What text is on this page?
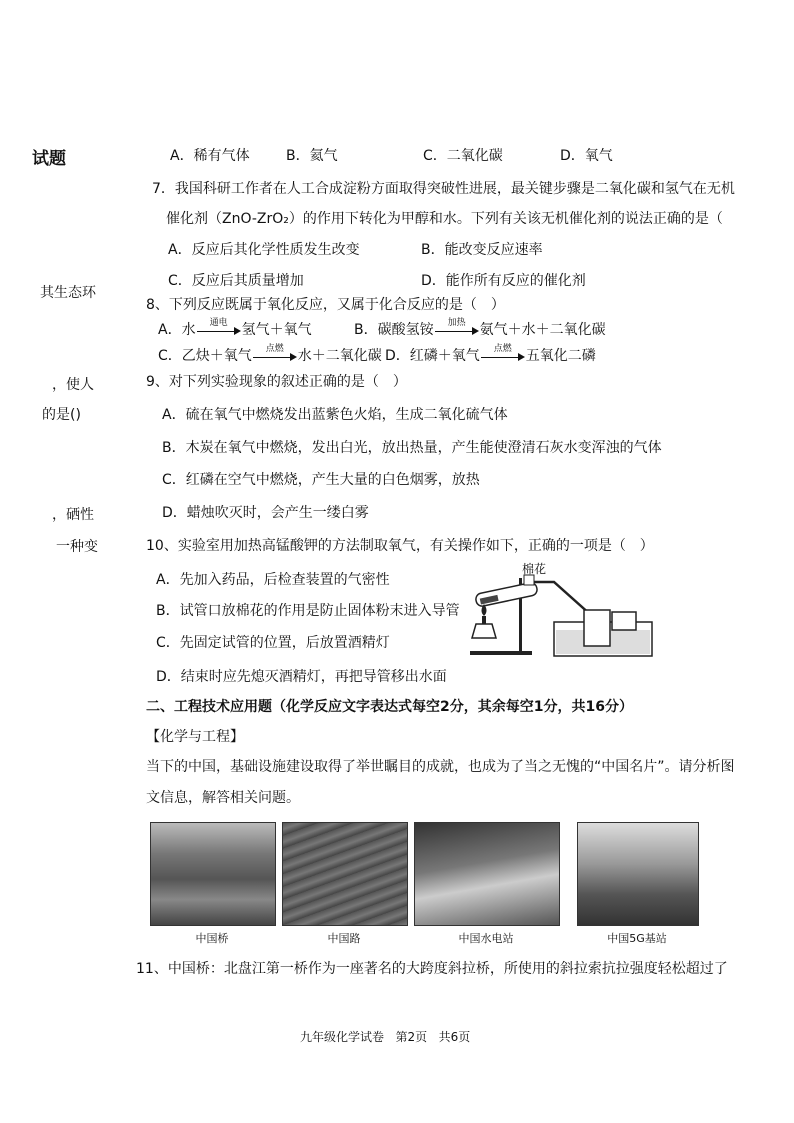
试题
其生态环
，使人
的是()
，硒性
一种变
A．稀有气体	B．氦气	C．二氧化碳	D．氧气
7．我国科研工作者在人工合成淀粉方面取得突破性进展，最关键步骤是二氧化碳和氢气在无机
催化剂（ZnO-ZrO₂）的作用下转化为甲醇和水。下列有关该无机催化剂的说法正确的是（
A．反应后其化学性质发生改变	B．能改变反应速率
C．反应后其质量增加	D．能作所有反应的催化剂
8、下列反应既属于氧化反应，又属于化合反应的是（　）
A．水	通电	氢气＋氧气	B．碳酸氢铵	加热	氨气＋水＋二氧化碳
C．乙炔＋氧气	点燃	水＋二氧化碳 D．红磷＋氧气	点燃	五氧化二磷
9、对下列实验现象的叙述正确的是（　）
A．硫在氧气中燃烧发出蓝紫色火焰，生成二氧化硫气体
B．木炭在氧气中燃烧，发出白光，放出热量，产生能使澄清石灰水变浑浊的气体
C．红磷在空气中燃烧，产生大量的白色烟雾，放热
D．蜡烛吹灭时，会产生一缕白雾
10、实验室用加热高锰酸钾的方法制取氧气，有关操作如下，正确的一项是（　）
A．先加入药品，后检查装置的气密性
B．试管口放棉花的作用是防止固体粉末进入导管
C．先固定试管的位置，后放置酒精灯
D．结束时应先熄灭酒精灯，再把导管移出水面
棉花
二、工程技术应用题（化学反应文字表达式每空2分，其余每空1分，共16分）
【化学与工程】
当下的中国，基础设施建设取得了举世瞩目的成就，也成为了当之无愧的“中国名片”。请分析图
文信息，解答相关问题。
中国桥	中国路	中国水电站	中国5G基站
11、中国桥：北盘江第一桥作为一座著名的大跨度斜拉桥，所使用的斜拉索抗拉强度轻松超过了
九年级化学试卷 第2页 共6页
